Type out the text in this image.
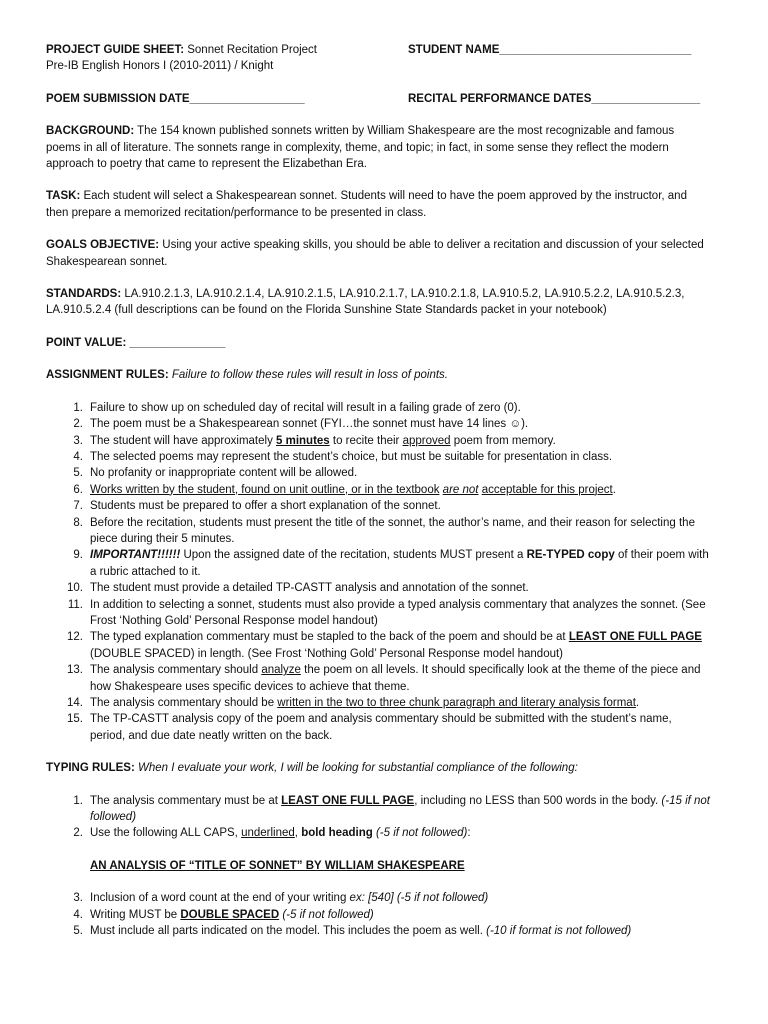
PROJECT GUIDE SHEET: Sonnet Recitation Project	STUDENT NAME______________________________
Pre-IB English Honors I (2010-2011) / Knight
POEM SUBMISSION DATE__________________	RECITAL PERFORMANCE DATES_________________

BACKGROUND: The 154 known published sonnets written by William Shakespeare are the most recognizable and famous poems in all of literature. The sonnets range in complexity, theme, and topic; in fact, in some sense they reflect the modern approach to poetry that came to represent the Elizabethan Era.

TASK: Each student will select a Shakespearean sonnet. Students will need to have the poem approved by the instructor, and then prepare a memorized recitation/performance to be presented in class.

GOALS OBJECTIVE: Using your active speaking skills, you should be able to deliver a recitation and discussion of your selected Shakespearean sonnet.

STANDARDS: LA.910.2.1.3, LA.910.2.1.4, LA.910.2.1.5, LA.910.2.1.7, LA.910.2.1.8, LA.910.5.2, LA.910.5.2.2, LA.910.5.2.3, LA.910.5.2.4 (full descriptions can be found on the Florida Sunshine State Standards packet in your notebook)

POINT VALUE: _______________

ASSIGNMENT RULES: Failure to follow these rules will result in loss of points.

1. Failure to show up on scheduled day of recital will result in a failing grade of zero (0).
2. The poem must be a Shakespearean sonnet (FYI…the sonnet must have 14 lines ☺).
3. The student will have approximately 5 minutes to recite their approved poem from memory.
4. The selected poems may represent the student’s choice, but must be suitable for presentation in class.
5. No profanity or inappropriate content will be allowed.
6. Works written by the student, found on unit outline, or in the textbook are not acceptable for this project.
7. Students must be prepared to offer a short explanation of the sonnet.
8. Before the recitation, students must present the title of the sonnet, the author’s name, and their reason for selecting the piece during their 5 minutes.
9. IMPORTANT!!!!!! Upon the assigned date of the recitation, students MUST present a RE-TYPED copy of their poem with a rubric attached to it.
10. The student must provide a detailed TP-CASTT analysis and annotation of the sonnet.
11. In addition to selecting a sonnet, students must also provide a typed analysis commentary that analyzes the sonnet. (See Frost ‘Nothing Gold’ Personal Response model handout)
12. The typed explanation commentary must be stapled to the back of the poem and should be at LEAST ONE FULL PAGE (DOUBLE SPACED) in length. (See Frost ‘Nothing Gold’ Personal Response model handout)
13. The analysis commentary should analyze the poem on all levels. It should specifically look at the theme of the piece and how Shakespeare uses specific devices to achieve that theme.
14. The analysis commentary should be written in the two to three chunk paragraph and literary analysis format.
15. The TP-CASTT analysis copy of the poem and analysis commentary should be submitted with the student’s name, period, and due date neatly written on the back.

TYPING RULES: When I evaluate your work, I will be looking for substantial compliance of the following:

1. The analysis commentary must be at LEAST ONE FULL PAGE, including no LESS than 500 words in the body. (-15 if not followed)
2. Use the following ALL CAPS, underlined, bold heading (-5 if not followed):

AN ANALYSIS OF “TITLE OF SONNET” BY WILLIAM SHAKESPEARE

3. Inclusion of a word count at the end of your writing ex: [540] (-5 if not followed)
4. Writing MUST be DOUBLE SPACED (-5 if not followed)
5. Must include all parts indicated on the model. This includes the poem as well. (-10 if format is not followed)
